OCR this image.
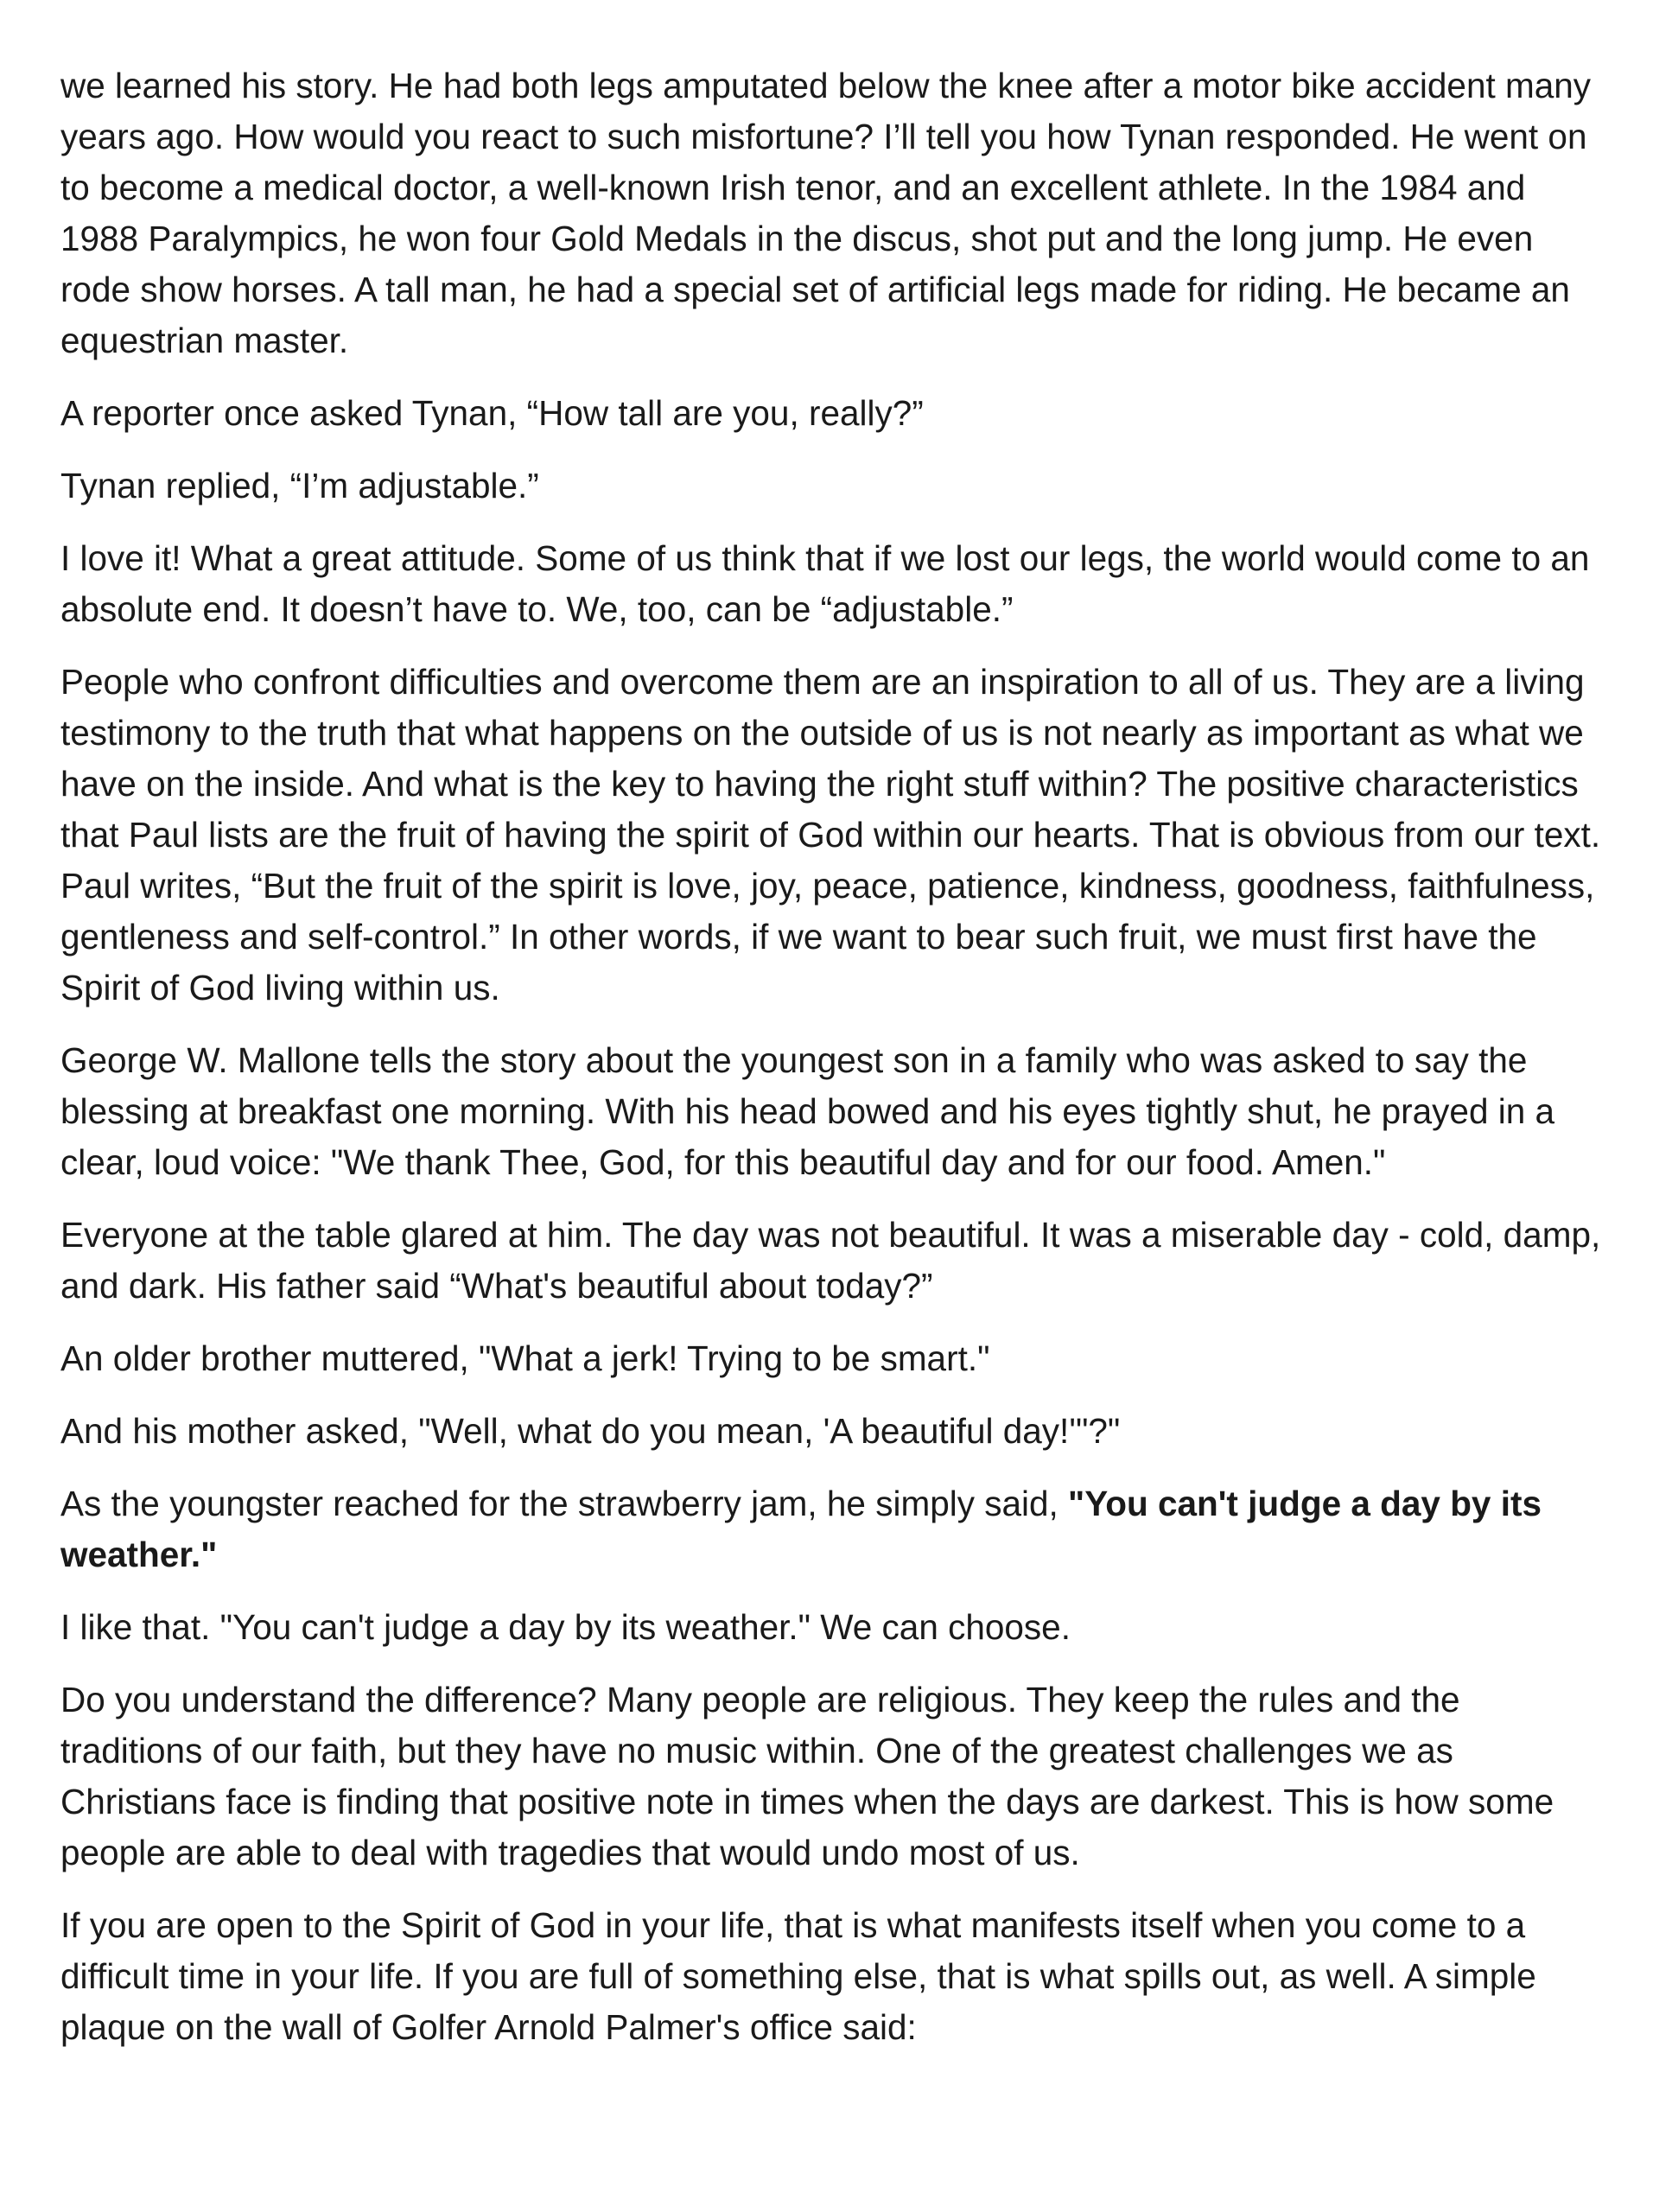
we learned his story. He had both legs amputated below the knee after a motor bike accident many years ago. How would you react to such misfortune? I’ll tell you how Tynan responded. He went on to become a medical doctor, a well-known Irish tenor, and an excellent athlete. In the 1984 and 1988 Paralympics, he won four Gold Medals in the discus, shot put and the long jump. He even rode show horses. A tall man, he had a special set of artificial legs made for riding. He became an equestrian master.

A reporter once asked Tynan, “How tall are you, really?”

Tynan replied, “I’m adjustable.”

I love it! What a great attitude. Some of us think that if we lost our legs, the world would come to an absolute end. It doesn’t have to. We, too, can be “adjustable.”

People who confront difficulties and overcome them are an inspiration to all of us. They are a living testimony to the truth that what happens on the outside of us is not nearly as important as what we have on the inside. And what is the key to having the right stuff within? The positive characteristics that Paul lists are the fruit of having the spirit of God within our hearts. That is obvious from our text. Paul writes, “But the fruit of the spirit is love, joy, peace, patience, kindness, goodness, faithfulness, gentleness and self-control.” In other words, if we want to bear such fruit, we must first have the Spirit of God living within us.

George W. Mallone tells the story about the youngest son in a family who was asked to say the blessing at breakfast one morning. With his head bowed and his eyes tightly shut, he prayed in a clear, loud voice: "We thank Thee, God, for this beautiful day and for our food. Amen."

Everyone at the table glared at him. The day was not beautiful. It was a miserable day - cold, damp, and dark. His father said “What's beautiful about today?”

An older brother muttered, "What a jerk! Trying to be smart."

And his mother asked, "Well, what do you mean, 'A beautiful day!'"?"

As the youngster reached for the strawberry jam, he simply said, "You can't judge a day by its weather."

I like that. "You can't judge a day by its weather." We can choose.

Do you understand the difference? Many people are religious. They keep the rules and the traditions of our faith, but they have no music within. One of the greatest challenges we as Christians face is finding that positive note in times when the days are darkest. This is how some people are able to deal with tragedies that would undo most of us.

If you are open to the Spirit of God in your life, that is what manifests itself when you come to a difficult time in your life. If you are full of something else, that is what spills out, as well. A simple plaque on the wall of Golfer Arnold Palmer's office said:
